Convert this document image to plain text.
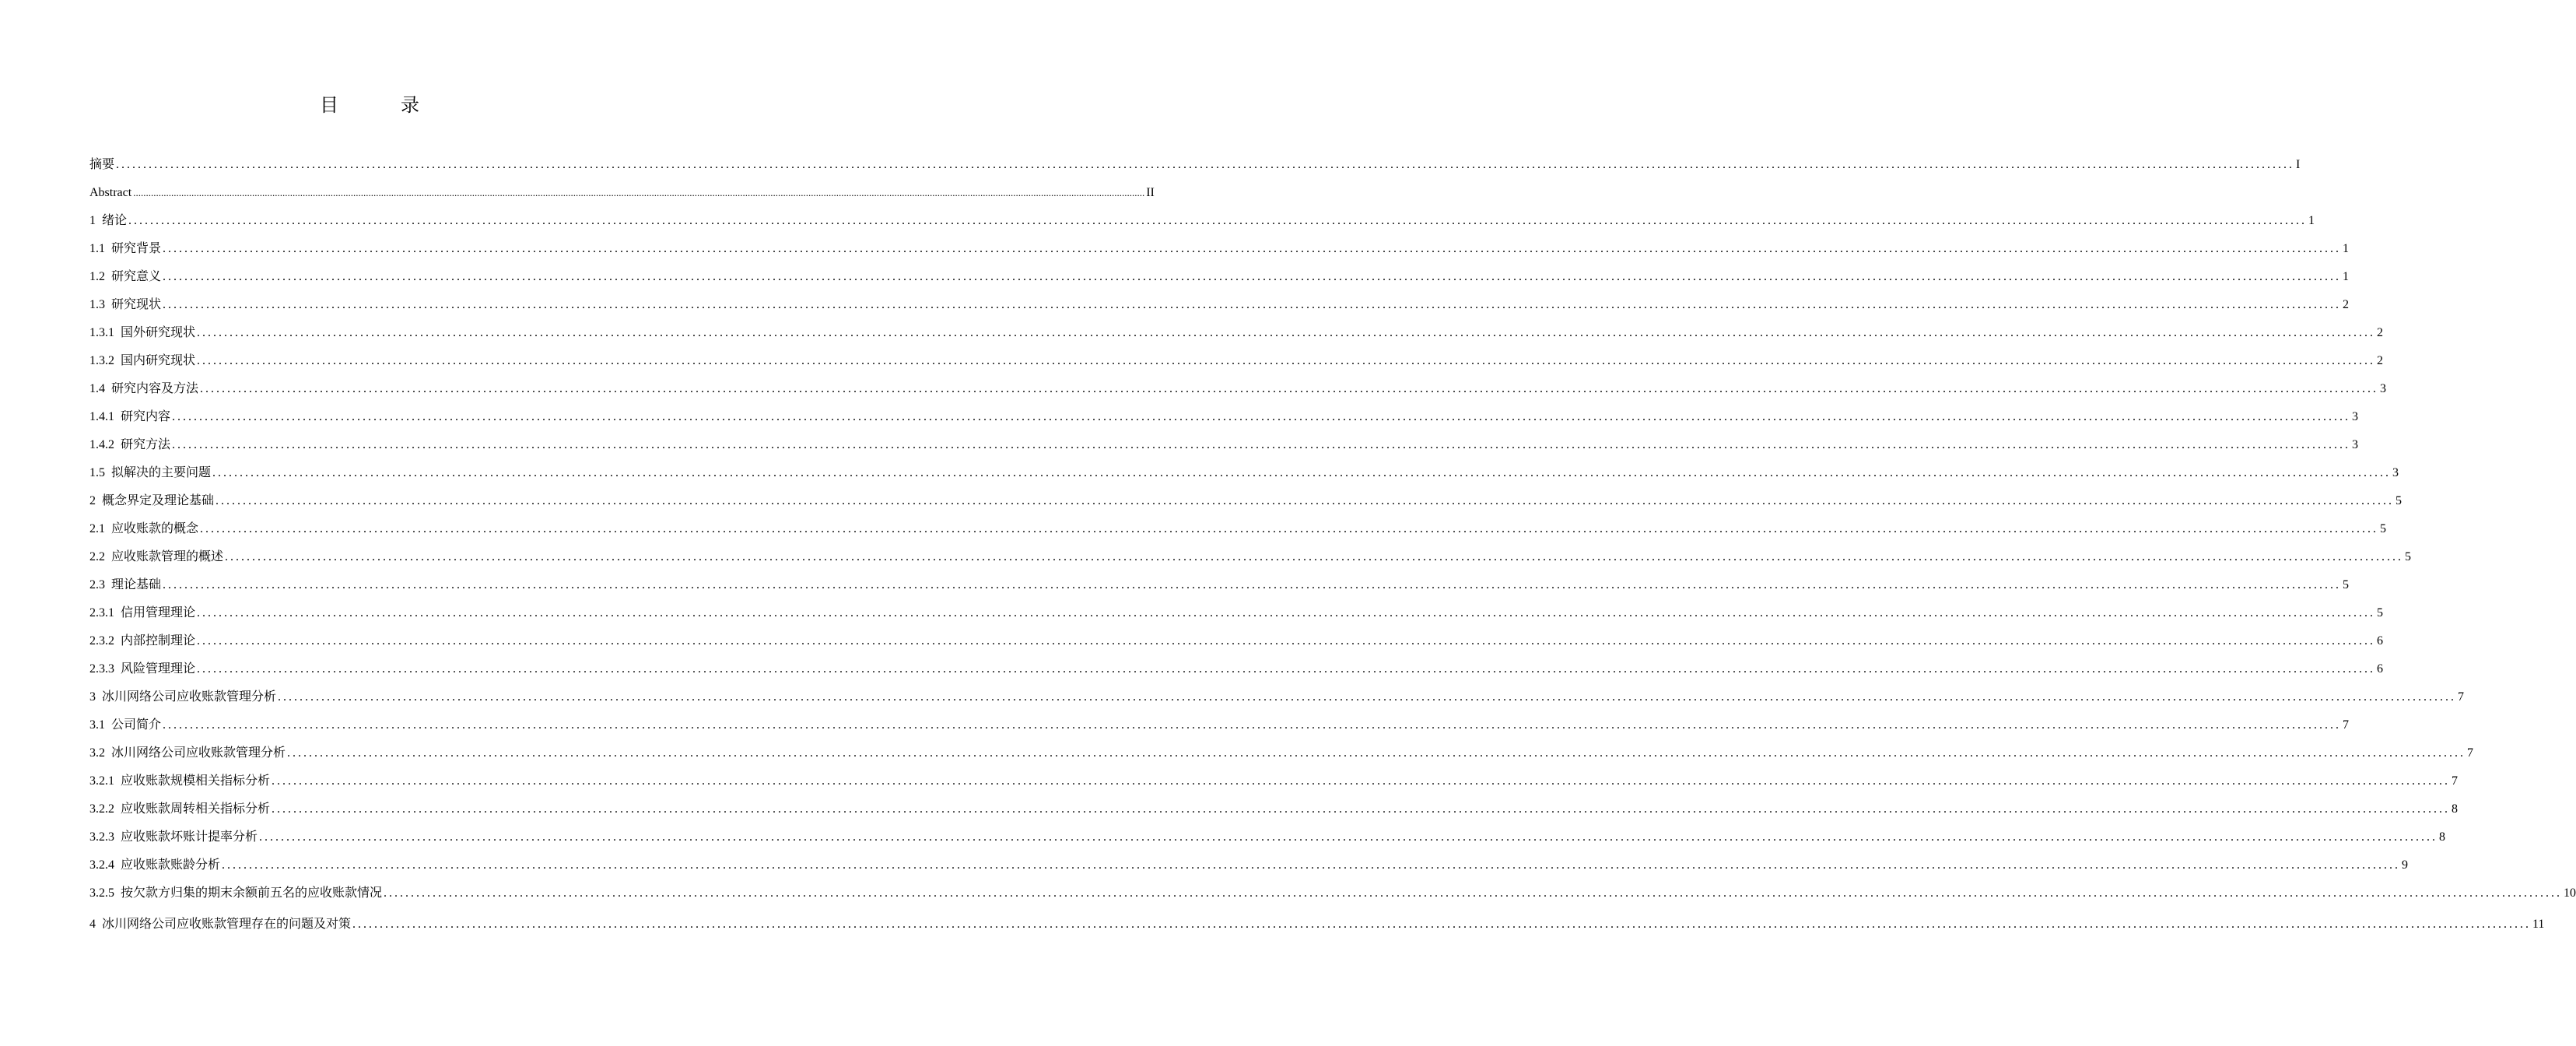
目　录
摘要 ................................................................................................................................................................................................................................................................................................................................................................................................................ I
Abstract ................................................................................................................................................................................................................................................................................................................................................................................................................ II
1 绪论 ................................................................................................................................................................................................................................................................................................................................................................................................................ 1
1.1 研究背景 ................................................................................................................................................................................................................................................................................................................................................................................................................ 1
1.2 研究意义 ................................................................................................................................................................................................................................................................................................................................................................................................................ 1
1.3 研究现状 ................................................................................................................................................................................................................................................................................................................................................................................................................ 2
1.3.1 国外研究现状 ................................................................................................................................................................................................................................................................................................................................................................................................................ 2
1.3.2 国内研究现状 ................................................................................................................................................................................................................................................................................................................................................................................................................ 2
1.4 研究内容及方法 ................................................................................................................................................................................................................................................................................................................................................................................................................ 3
1.4.1 研究内容 ................................................................................................................................................................................................................................................................................................................................................................................................................ 3
1.4.2 研究方法 ................................................................................................................................................................................................................................................................................................................................................................................................................ 3
1.5 拟解决的主要问题 ................................................................................................................................................................................................................................................................................................................................................................................................................ 3
2 概念界定及理论基础 ................................................................................................................................................................................................................................................................................................................................................................................................................ 5
2.1 应收账款的概念 ................................................................................................................................................................................................................................................................................................................................................................................................................ 5
2.2 应收账款管理的概述 ................................................................................................................................................................................................................................................................................................................................................................................................................ 5
2.3 理论基础 ................................................................................................................................................................................................................................................................................................................................................................................................................ 5
2.3.1 信用管理理论 ................................................................................................................................................................................................................................................................................................................................................................................................................ 5
2.3.2 内部控制理论 ................................................................................................................................................................................................................................................................................................................................................................................................................ 6
2.3.3 风险管理理论 ................................................................................................................................................................................................................................................................................................................................................................................................................ 6
3 冰川网络公司应收账款管理分析 ................................................................................................................................................................................................................................................................................................................................................................................................................ 7
3.1 公司简介 ................................................................................................................................................................................................................................................................................................................................................................................................................ 7
3.2 冰川网络公司应收账款管理分析 ................................................................................................................................................................................................................................................................................................................................................................................................................ 7
3.2.1 应收账款规模相关指标分析 ................................................................................................................................................................................................................................................................................................................................................................................................................ 7
3.2.2 应收账款周转相关指标分析 ................................................................................................................................................................................................................................................................................................................................................................................................................ 8
3.2.3 应收账款坏账计提率分析 ................................................................................................................................................................................................................................................................................................................................................................................................................ 8
3.2.4 应收账款账龄分析 ................................................................................................................................................................................................................................................................................................................................................................................................................ 9
3.2.5 按欠款方归集的期末余额前五名的应收账款情况 ................................................................................................................................................................................................................................................................................................................................................................................................................ 10
4 冰川网络公司应收账款管理存在的问题及对策 ................................................................................................................................................................................................................................................................................................................................................................................................................ 11
